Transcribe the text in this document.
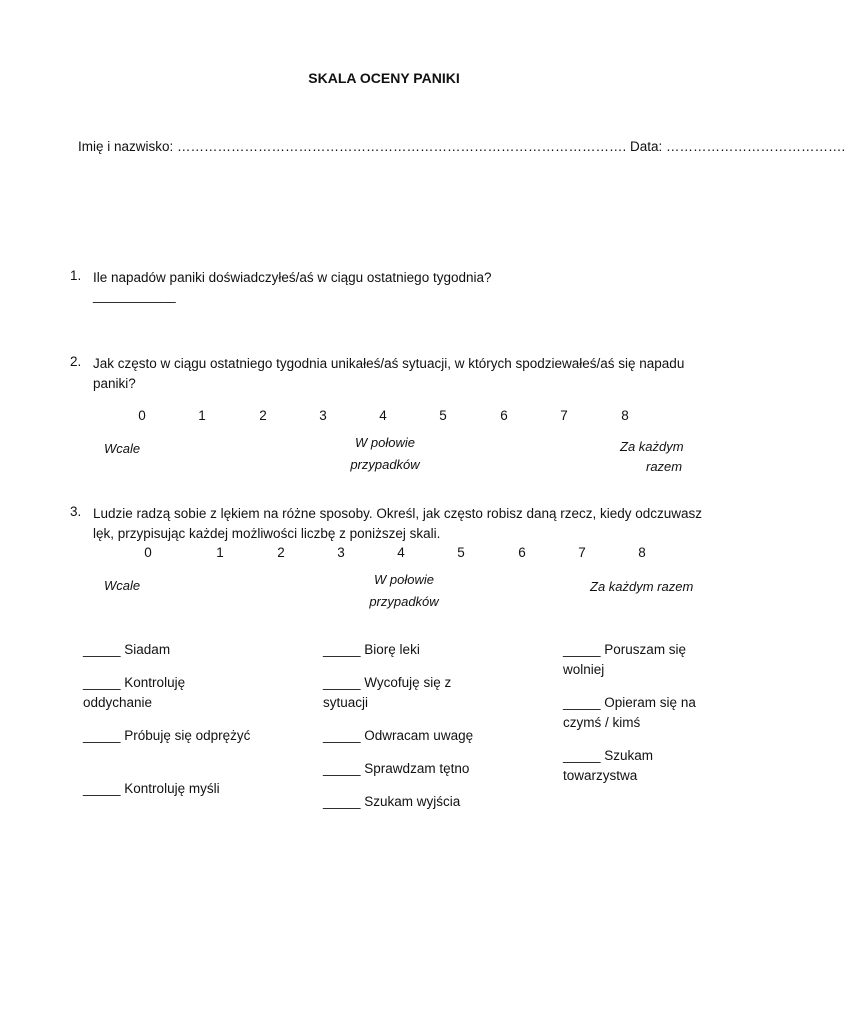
SKALA OCENY PANIKI
Imię i nazwisko: ………………………………………………………………………………………. Data: ………………………………….
1. Ile napadów paniki doświadczyłeś/aś w ciągu ostatniego tygodnia?
___________
2. Jak często w ciągu ostatniego tygodnia unikałeś/aś sytuacji, w których spodziewałeś/aś się napadu
paniki?
0	1	2	3	4	5	6	7	8
Wcale	W połowie
przypadków
Za każdym
razem
3. Ludzie radzą sobie z lękiem na różne sposoby. Określ, jak często robisz daną rzecz, kiedy odczuwasz
lęk, przypisując każdej możliwości liczbę z poniższej skali.
0	1	2	3	4	5	6	7	8
Wcale	W połowie
przypadków
Za każdym razem
_____ Siadam
_____ Kontroluję oddychanie
_____ Próbuję się odprężyć
_____ Kontroluję myśli
_____ Biorę leki
_____ Wycofuję się z sytuacji
_____ Odwracam uwagę
_____ Sprawdzam tętno
_____ Szukam wyjścia
_____ Poruszam się wolniej
_____ Opieram się na czymś / kimś
_____ Szukam towarzystwa
